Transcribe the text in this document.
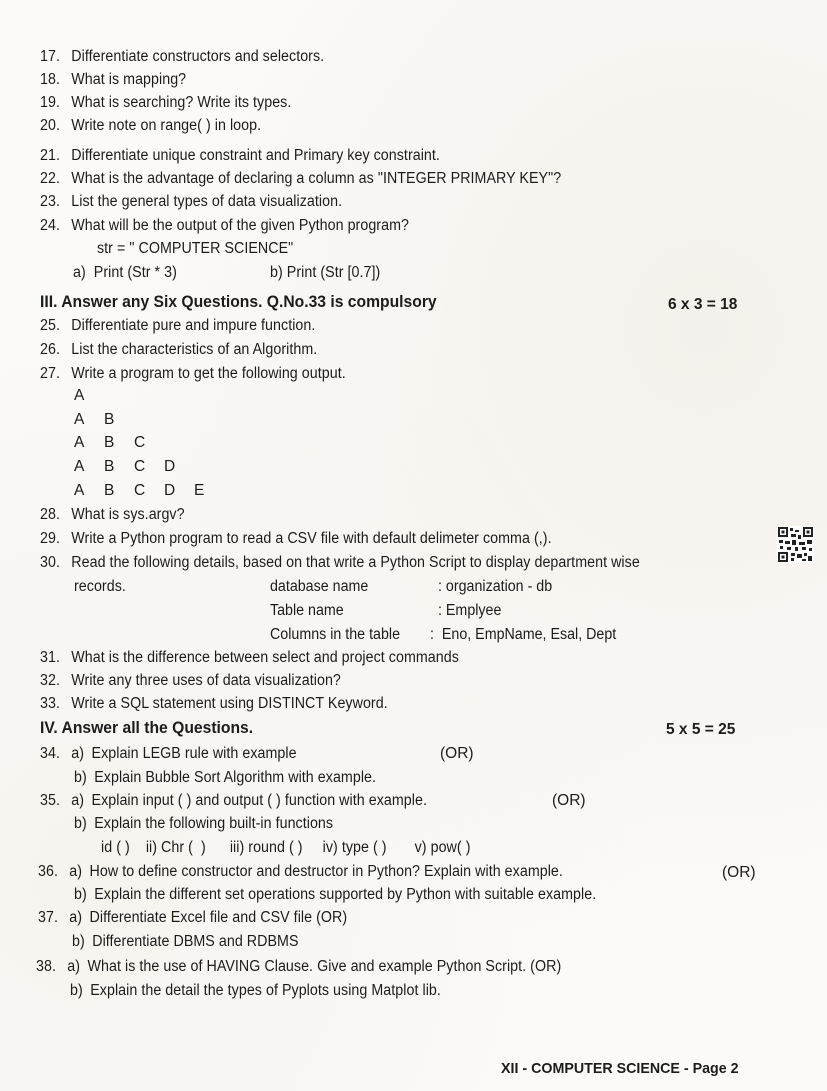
17. Differentiate constructors and selectors.
18. What is mapping?
19. What is searching? Write its types.
20. Write note on range( ) in loop.
21. Differentiate unique constraint and Primary key constraint.
22. What is the advantage of declaring a column as "INTEGER PRIMARY KEY"?
23. List the general types of data visualization.
24. What will be the output of the given Python program?
str = " COMPUTER SCIENCE"
a)  Print (Str * 3)	b) Print (Str [0.7])
III. Answer any Six Questions. Q.No.33 is compulsory	6 x 3 = 18
25. Differentiate pure and impure function.
26. List the characteristics of an Algorithm.
27. Write a program to get the following output.
A
A B
A B C
A B C D
A B C D E
28. What is sys.argv?
29. Write a Python program to read a CSV file with default delimeter comma (,).
30. Read the following details, based on that write a Python Script to display department wise
records.	database name	: organization - db
Table name	: Emplyee
Columns in the table :  Eno, EmpName, Esal, Dept
31. What is the difference between select and project commands
32. Write any three uses of data visualization?
33. Write a SQL statement using DISTINCT Keyword.
IV. Answer all the Questions.	5 x 5 = 25
34. a) Explain LEGB rule with example	(OR)
b) Explain Bubble Sort Algorithm with example.
35. a) Explain input ( ) and output ( ) function with example.	(OR)
b) Explain the following built-in functions
id ( )    ii) Chr (  )      iii) round ( )     iv) type ( )       v) pow( )
36. a) How to define constructor and destructor in Python? Explain with example.	(OR)
b) Explain the different set operations supported by Python with suitable example.
37. a) Differentiate Excel file and CSV file (OR)
b) Differentiate DBMS and RDBMS
38. a) What is the use of HAVING Clause. Give and example Python Script. (OR)
b) Explain the detail the types of Pyplots using Matplot lib.
XII - COMPUTER SCIENCE - Page 2
